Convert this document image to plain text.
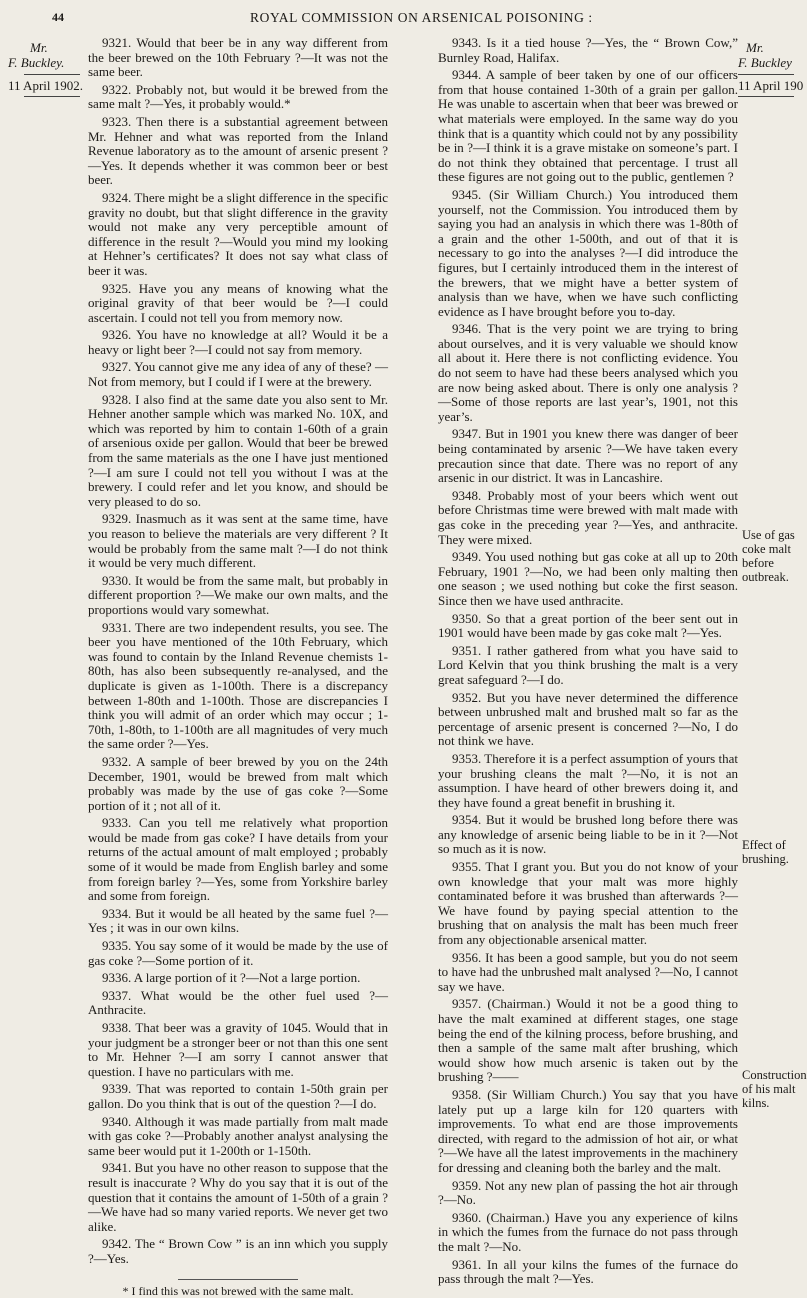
44	ROYAL COMMISSION ON ARSENICAL POISONING :
Mr.
F. Buckley.
11 April 1902.
Mr.
F. Buckley
11 April 190

9321. Would that beer be in any way different from the beer brewed on the 10th February ?—It was not the same beer.

9322. Probably not, but would it be brewed from the same malt ?—Yes, it probably would.*

9323. Then there is a substantial agreement between Mr. Hehner and what was reported from the Inland Revenue laboratory as to the amount of arsenic present ?—Yes. It depends whether it was common beer or best beer.

9324. There might be a slight difference in the specific gravity no doubt, but that slight difference in the gravity would not make any very perceptible amount of difference in the result ?—Would you mind my looking at Hehner’s certificates? It does not say what class of beer it was.

9325. Have you any means of knowing what the original gravity of that beer would be ?—I could ascertain. I could not tell you from memory now.

9326. You have no knowledge at all? Would it be a heavy or light beer ?—I could not say from memory.

9327. You cannot give me any idea of any of these? —Not from memory, but I could if I were at the brewery.

9328. I also find at the same date you also sent to Mr. Hehner another sample which was marked No. 10X, and which was reported by him to contain 1-60th of a grain of arsenious oxide per gallon. Would that beer be brewed from the same materials as the one I have just mentioned ?—I am sure I could not tell you without I was at the brewery. I could refer and let you know, and should be very pleased to do so.

9329. Inasmuch as it was sent at the same time, have you reason to believe the materials are very different ? It would be probably from the same malt ?—I do not think it would be very much different.

9330. It would be from the same malt, but probably in different proportion ?—We make our own malts, and the proportions would vary somewhat.

9331. There are two independent results, you see. The beer you have mentioned of the 10th February, which was found to contain by the Inland Revenue chemists 1-80th, has also been subsequently re-analysed, and the duplicate is given as 1-100th. There is a discrepancy between 1-80th and 1-100th. Those are discrepancies I think you will admit of an order which may occur ; 1-70th, 1-80th, to 1-100th are all magnitudes of very much the same order ?—Yes.

9332. A sample of beer brewed by you on the 24th December, 1901, would be brewed from malt which probably was made by the use of gas coke ?—Some portion of it ; not all of it.

9333. Can you tell me relatively what proportion would be made from gas coke? I have details from your returns of the actual amount of malt employed ; probably some of it would be made from English barley and some from foreign barley ?—Yes, some from Yorkshire barley and some from foreign.

9334. But it would be all heated by the same fuel ?—Yes ; it was in our own kilns.

9335. You say some of it would be made by the use of gas coke ?—Some portion of it.

9336. A large portion of it ?—Not a large portion.

9337. What would be the other fuel used ?—Anthracite.

9338. That beer was a gravity of 1045. Would that in your judgment be a stronger beer or not than this one sent to Mr. Hehner ?—I am sorry I cannot answer that question. I have no particulars with me.

9339. That was reported to contain 1-50th grain per gallon. Do you think that is out of the question ?—I do.

9340. Although it was made partially from malt made with gas coke ?—Probably another analyst analysing the same beer would put it 1-200th or 1-150th.

9341. But you have no other reason to suppose that the result is inaccurate ? Why do you say that it is out of the question that it contains the amount of 1-50th of a grain ?—We have had so many varied reports. We never get two alike.

9342. The “ Brown Cow ” is an inn which you supply ?—Yes.

* I find this was not brewed with the same malt.

9343. Is it a tied house ?—Yes, the “ Brown Cow,” Burnley Road, Halifax.

9344. A sample of beer taken by one of our officers from that house contained 1-30th of a grain per gallon. He was unable to ascertain when that beer was brewed or what materials were employed. In the same way do you think that is a quantity which could not by any possibility be in ?—I think it is a grave mistake on someone’s part. I do not think they obtained that percentage. I trust all these figures are not going out to the public, gentlemen ?

9345. (Sir William Church.) You introduced them yourself, not the Commission. You introduced them by saying you had an analysis in which there was 1-80th of a grain and the other 1-500th, and out of that it is necessary to go into the analyses ?—I did introduce the figures, but I certainly introduced them in the interest of the brewers, that we might have a better system of analysis than we have, when we have such conflicting evidence as I have brought before you to-day.

9346. That is the very point we are trying to bring about ourselves, and it is very valuable we should know all about it. Here there is not conflicting evidence. You do not seem to have had these beers analysed which you are now being asked about. There is only one analysis ? —Some of those reports are last year’s, 1901, not this year’s.

9347. But in 1901 you knew there was danger of beer being contaminated by arsenic ?—We have taken every precaution since that date. There was no report of any arsenic in our district. It was in Lancashire.

9348. Probably most of your beers which went out before Christmas time were brewed with malt made with gas coke in the preceding year ?—Yes, and anthracite. They were mixed.

9349. You used nothing but gas coke at all up to 20th February, 1901 ?—No, we had been only malting then one season ; we used nothing but coke the first season. Since then we have used anthracite.

9350. So that a great portion of the beer sent out in 1901 would have been made by gas coke malt ?—Yes.

9351. I rather gathered from what you have said to Lord Kelvin that you think brushing the malt is a very great safeguard ?—I do.

9352. But you have never determined the difference between unbrushed malt and brushed malt so far as the percentage of arsenic present is concerned ?—No, I do not think we have.

9353. Therefore it is a perfect assumption of yours that your brushing cleans the malt ?—No, it is not an assumption. I have heard of other brewers doing it, and they have found a great benefit in brushing it.

9354. But it would be brushed long before there was any knowledge of arsenic being liable to be in it ?—Not so much as it is now.

9355. That I grant you. But you do not know of your own knowledge that your malt was more highly contaminated before it was brushed than afterwards ?—We have found by paying special attention to the brushing that on analysis the malt has been much freer from any objectionable arsenical matter.

9356. It has been a good sample, but you do not seem to have had the unbrushed malt analysed ?—No, I cannot say we have.

9357. (Chairman.) Would it not be a good thing to have the malt examined at different stages, one stage being the end of the kilning process, before brushing, and then a sample of the same malt after brushing, which would show how much arsenic is taken out by the brushing ?——

9358. (Sir William Church.) You say that you have lately put up a large kiln for 120 quarters with improvements. To what end are those improvements directed, with regard to the admission of hot air, or what ?—We have all the latest improvements in the machinery for dressing and cleaning both the barley and the malt.

9359. Not any new plan of passing the hot air through ?—No.

9360. (Chairman.) Have you any experience of kilns in which the fumes from the furnace do not pass through the malt ?—No.

9361. In all your kilns the fumes of the furnace do pass through the malt ?—Yes.

Use of gas coke malt before outbreak.
Effect of brushing.
Construction of his malt kilns.
